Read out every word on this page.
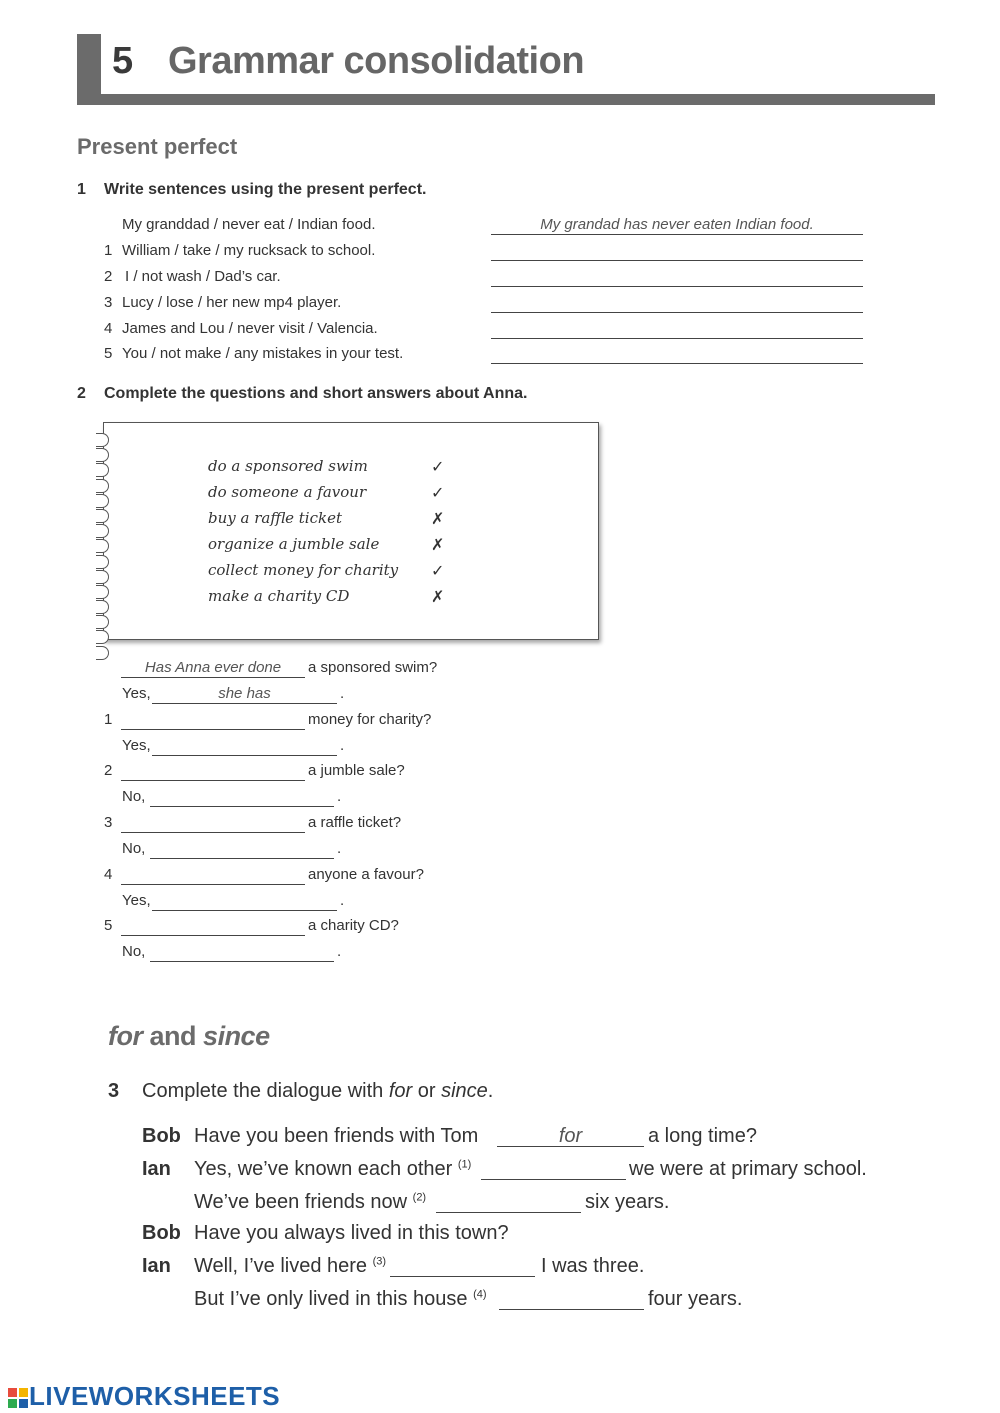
5 Grammar consolidation
Present perfect
1 Write sentences using the present perfect.
My granddad / never eat / Indian food.	My grandad has never eaten Indian food.
1 William / take / my rucksack to school.
2 I / not wash / Dad’s car.
3 Lucy / lose / her new mp4 player.
4 James and Lou / never visit / Valencia.
5 You / not make / any mistakes in your test.
2 Complete the questions and short answers about Anna.
do a sponsored swim	✓
do someone a favour	✓
buy a raffle ticket	✗
organize a jumble sale	✗
collect money for charity ✓
make a charity CD	✗
Has Anna ever done	a sponsored swim?
Yes,	she has	.
1	money for charity?
Yes,	.
2	a jumble sale?
No,	.
3	a raffle ticket?
No,	.
4	anyone a favour?
Yes,	.
5	a charity CD?
No,	.
for and since
3 Complete the dialogue with for or since.
Bob Have you been friends with Tom	for	a long time?
Ian Yes, we’ve known each other $^{(1)}$	we were at primary school.
We’ve been friends now $^{(2)}$	six years.
Bob Have you always lived in this town?
Ian Well, I’ve lived here $^{(3)}$	I was three.
But I’ve only lived in this house $^{(4)}$	four years.
LIVEWORKSHEETS
